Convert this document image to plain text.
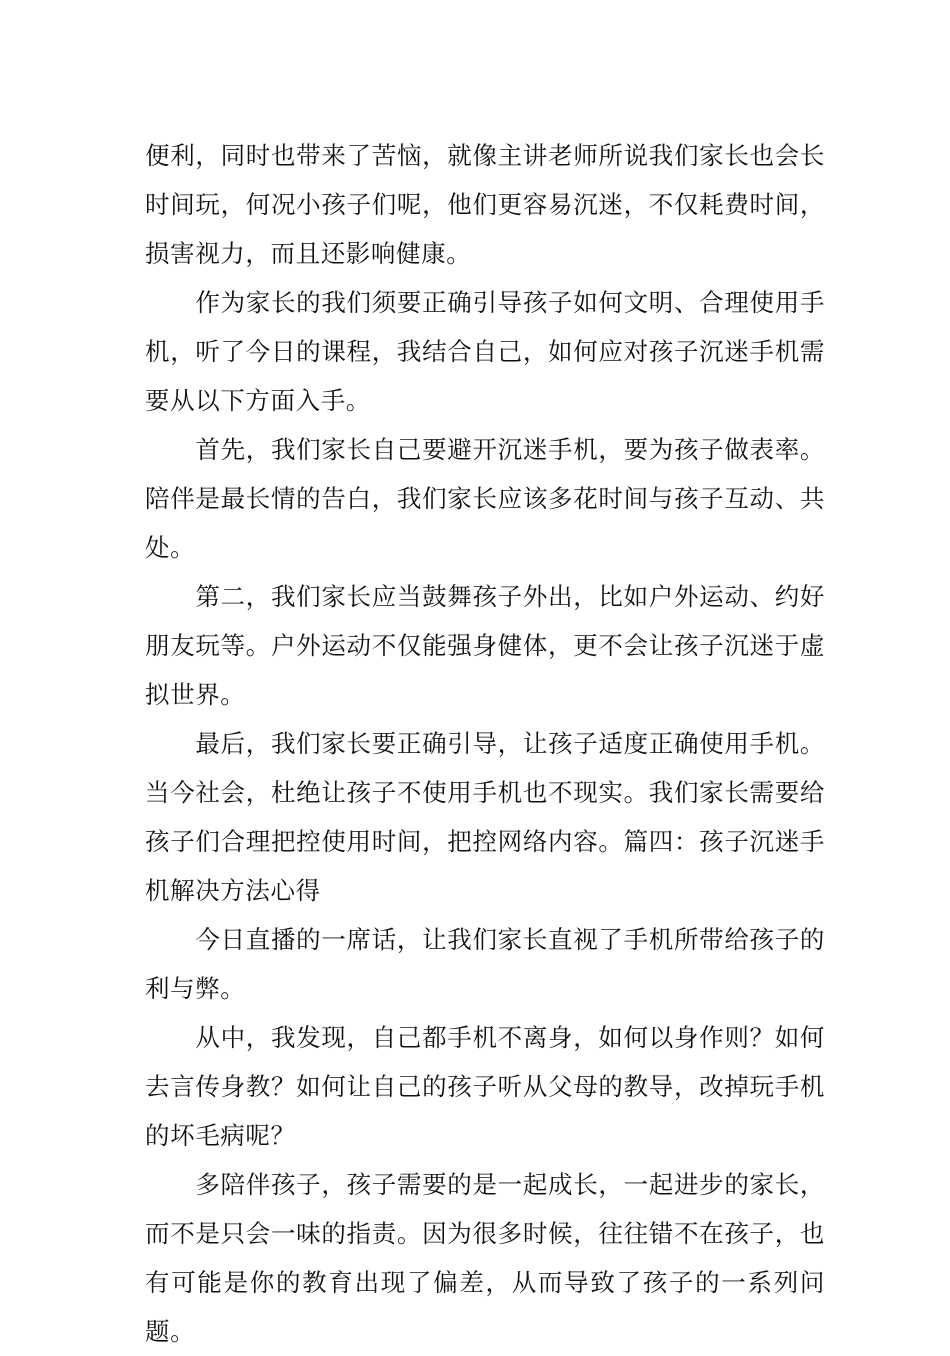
便利，同时也带来了苦恼，就像主讲老师所说我们家长也会长时间玩，何况小孩子们呢，他们更容易沉迷，不仅耗费时间，损害视力，而且还影响健康。

　　作为家长的我们须要正确引导孩子如何文明、合理使用手机，听了今日的课程，我结合自己，如何应对孩子沉迷手机需要从以下方面入手。

　　首先，我们家长自己要避开沉迷手机，要为孩子做表率。陪伴是最长情的告白，我们家长应该多花时间与孩子互动、共处。

　　第二，我们家长应当鼓舞孩子外出，比如户外运动、约好朋友玩等。户外运动不仅能强身健体，更不会让孩子沉迷于虚拟世界。

　　最后，我们家长要正确引导，让孩子适度正确使用手机。当今社会，杜绝让孩子不使用手机也不现实。我们家长需要给孩子们合理把控使用时间，把控网络内容。篇四：孩子沉迷手机解决方法心得

　　今日直播的一席话，让我们家长直视了手机所带给孩子的利与弊。

　　从中，我发现，自己都手机不离身，如何以身作则？如何去言传身教？如何让自己的孩子听从父母的教导，改掉玩手机的坏毛病呢？

　　多陪伴孩子，孩子需要的是一起成长，一起进步的家长，而不是只会一味的指责。因为很多时候，往往错不在孩子，也有可能是你的教育出现了偏差，从而导致了孩子的一系列问题。
